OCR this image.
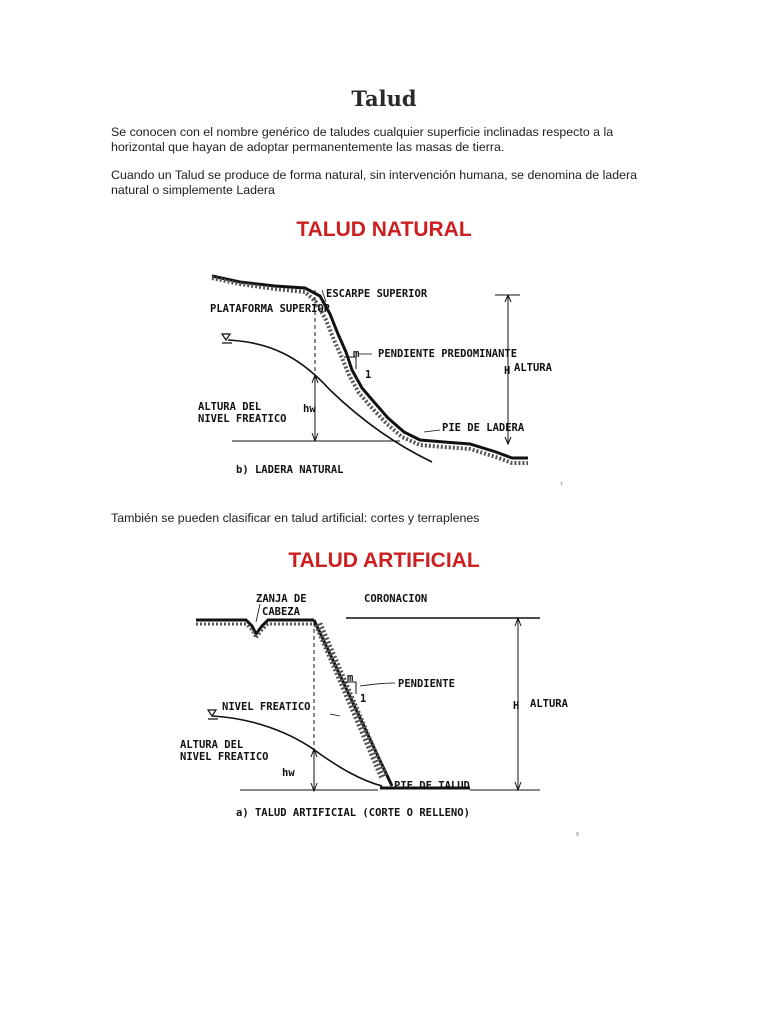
Talud

Se conocen con el nombre genérico de taludes cualquier superficie inclinadas respecto a la horizontal que hayan de adoptar permanentemente las masas de tierra.

Cuando un Talud se produce de forma natural, sin intervención humana, se denomina de ladera natural o simplemente Ladera

TALUD NATURAL
ESCARPE SUPERIOR
PLATAFORMA SUPERIOR
m PENDIENTE PREDOMINANTE
1	H ALTURA
ALTURA DEL
NIVEL FREATICO
hw
PIE DE LADERA
b) LADERA NATURAL
7

También se pueden clasificar en talud artificial: cortes y terraplenes

TALUD ARTIFICIAL
ZANJA DE
CABEZA
CORONACION
m	PENDIENTE
1
NIVEL FREATICO	H ALTURA
ALTURA DEL
NIVEL FREATICO
hw
PIE DE TALUD
a) TALUD ARTIFICIAL (CORTE O RELLENO)
8
